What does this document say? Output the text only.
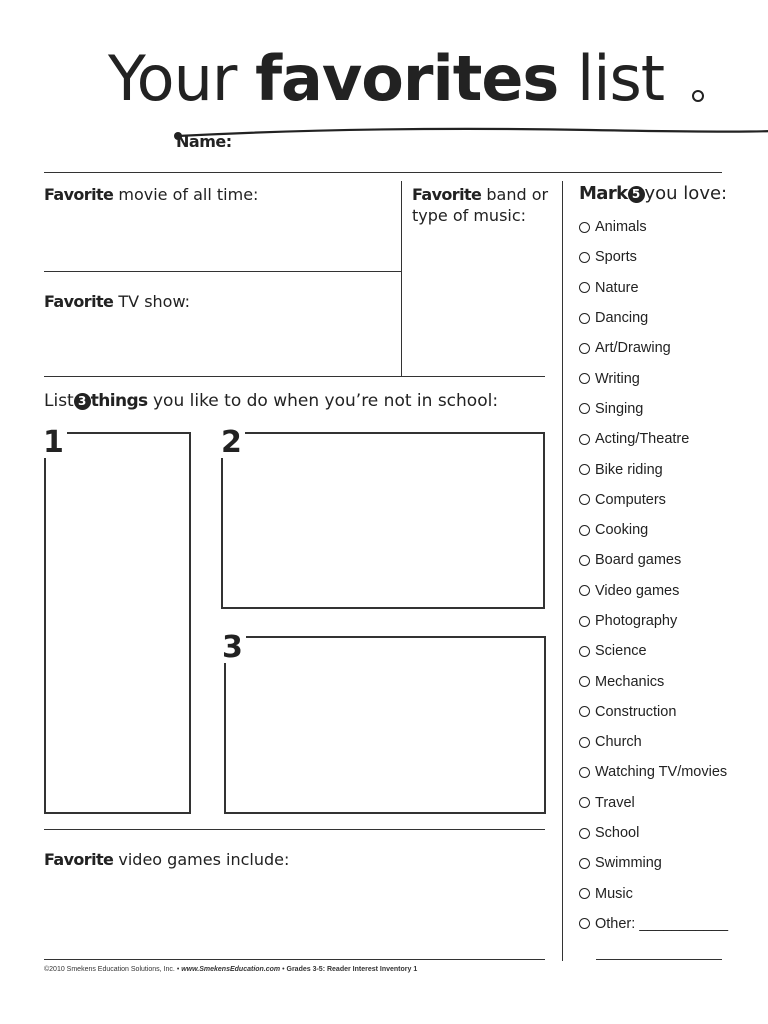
Your favorites list
Name:
Favorite movie of all time:	Favorite band or type of music:
Favorite TV show:
List 3 things you like to do when you’re not in school:
1	2
3
Favorite video games include:
Mark 5 you love:
Animals
Sports
Nature
Dancing
Art/Drawing
Writing
Singing
Acting/Theatre
Bike riding
Computers
Cooking
Board games
Video games
Photography
Science
Mechanics
Construction
Church
Watching TV/movies
Travel
School
Swimming
Music
Other: ___________
©2010 Smekens Education Solutions, Inc. • www.SmekensEducation.com • Grades 3-5: Reader Interest Inventory 1
